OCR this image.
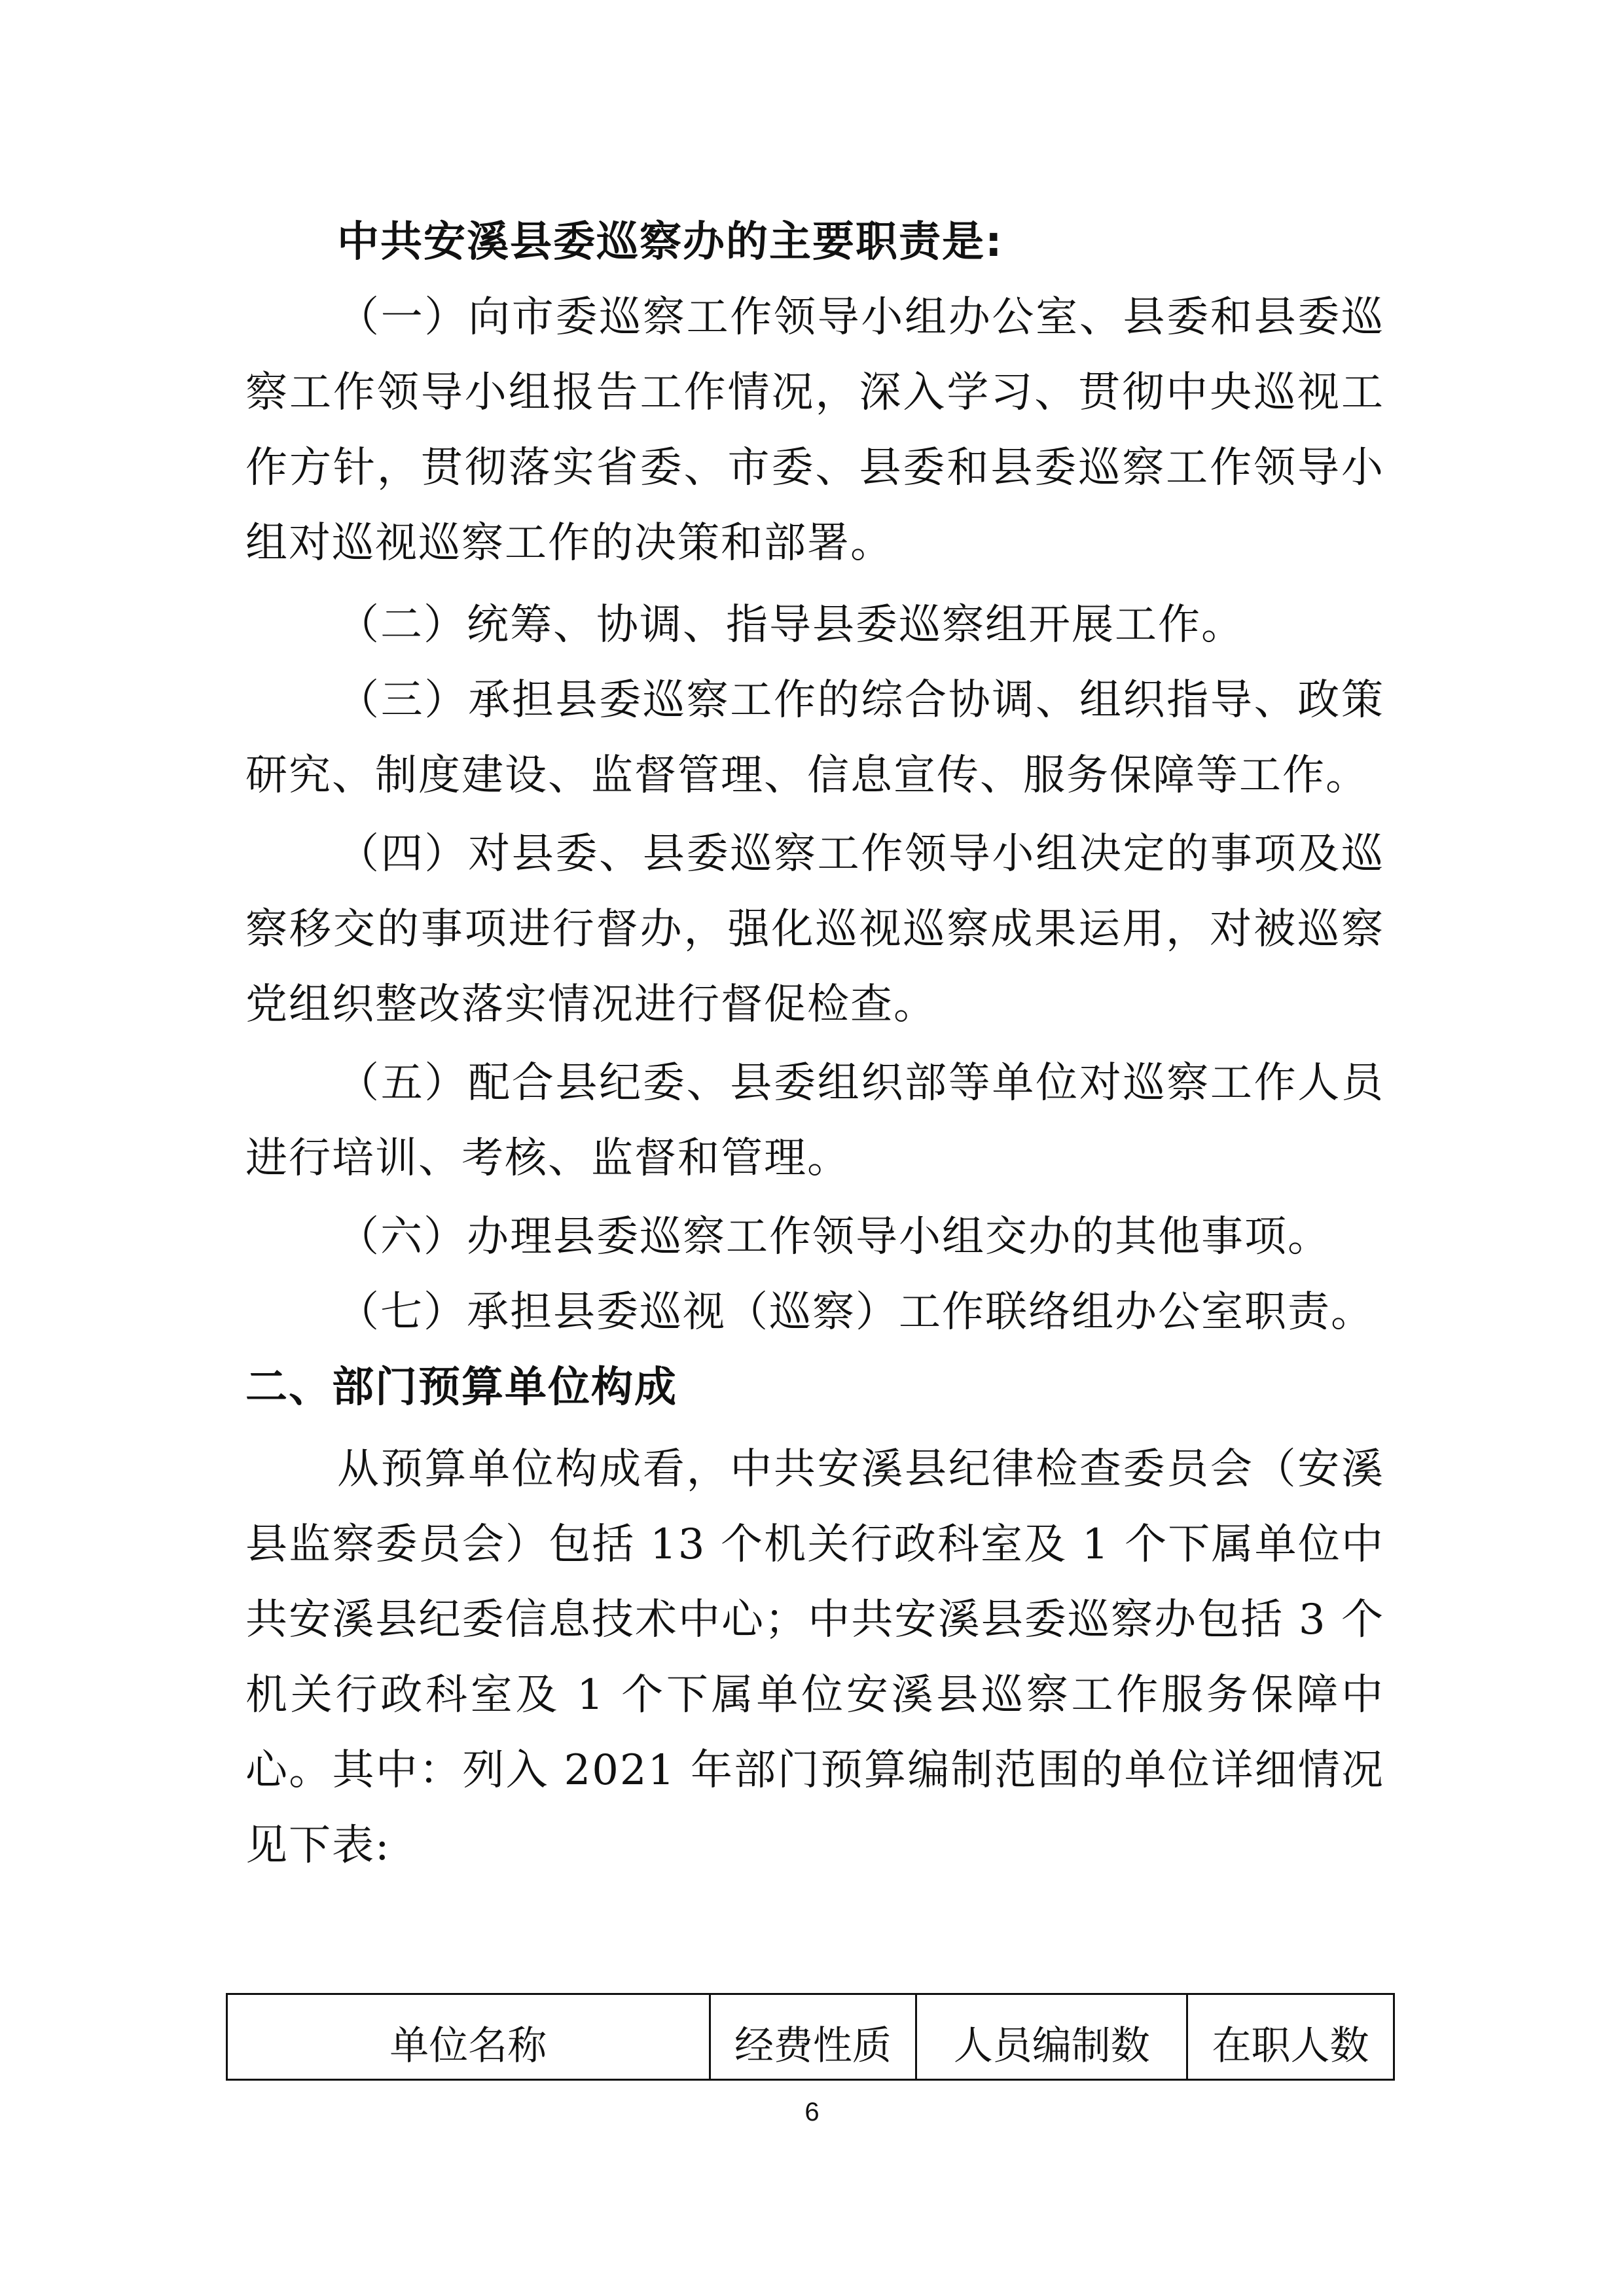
中共安溪县委巡察办的主要职责是:
（一）向市委巡察工作领导小组办公室、县委和县委巡
察工作领导小组报告工作情况，深入学习、贯彻中央巡视工
作方针，贯彻落实省委、市委、县委和县委巡察工作领导小
组对巡视巡察工作的决策和部署。
（二）统筹、协调、指导县委巡察组开展工作。
（三）承担县委巡察工作的综合协调、组织指导、政策
研究、制度建设、监督管理、信息宣传、服务保障等工作。
（四）对县委、县委巡察工作领导小组决定的事项及巡
察移交的事项进行督办，强化巡视巡察成果运用，对被巡察
党组织整改落实情况进行督促检查。
（五）配合县纪委、县委组织部等单位对巡察工作人员
进行培训、考核、监督和管理。
（六）办理县委巡察工作领导小组交办的其他事项。
（七）承担县委巡视（巡察）工作联络组办公室职责。
二、部门预算单位构成
从预算单位构成看，中共安溪县纪律检查委员会（安溪
县监察委员会）包括 13 个机关行政科室及 1 个下属单位中
共安溪县纪委信息技术中心；中共安溪县委巡察办包括 3 个
机关行政科室及 1 个下属单位安溪县巡察工作服务保障中
心。其中：列入 2021 年部门预算编制范围的单位详细情况
见下表:
单位名称	经费性质	人员编制数	在职人数
6
